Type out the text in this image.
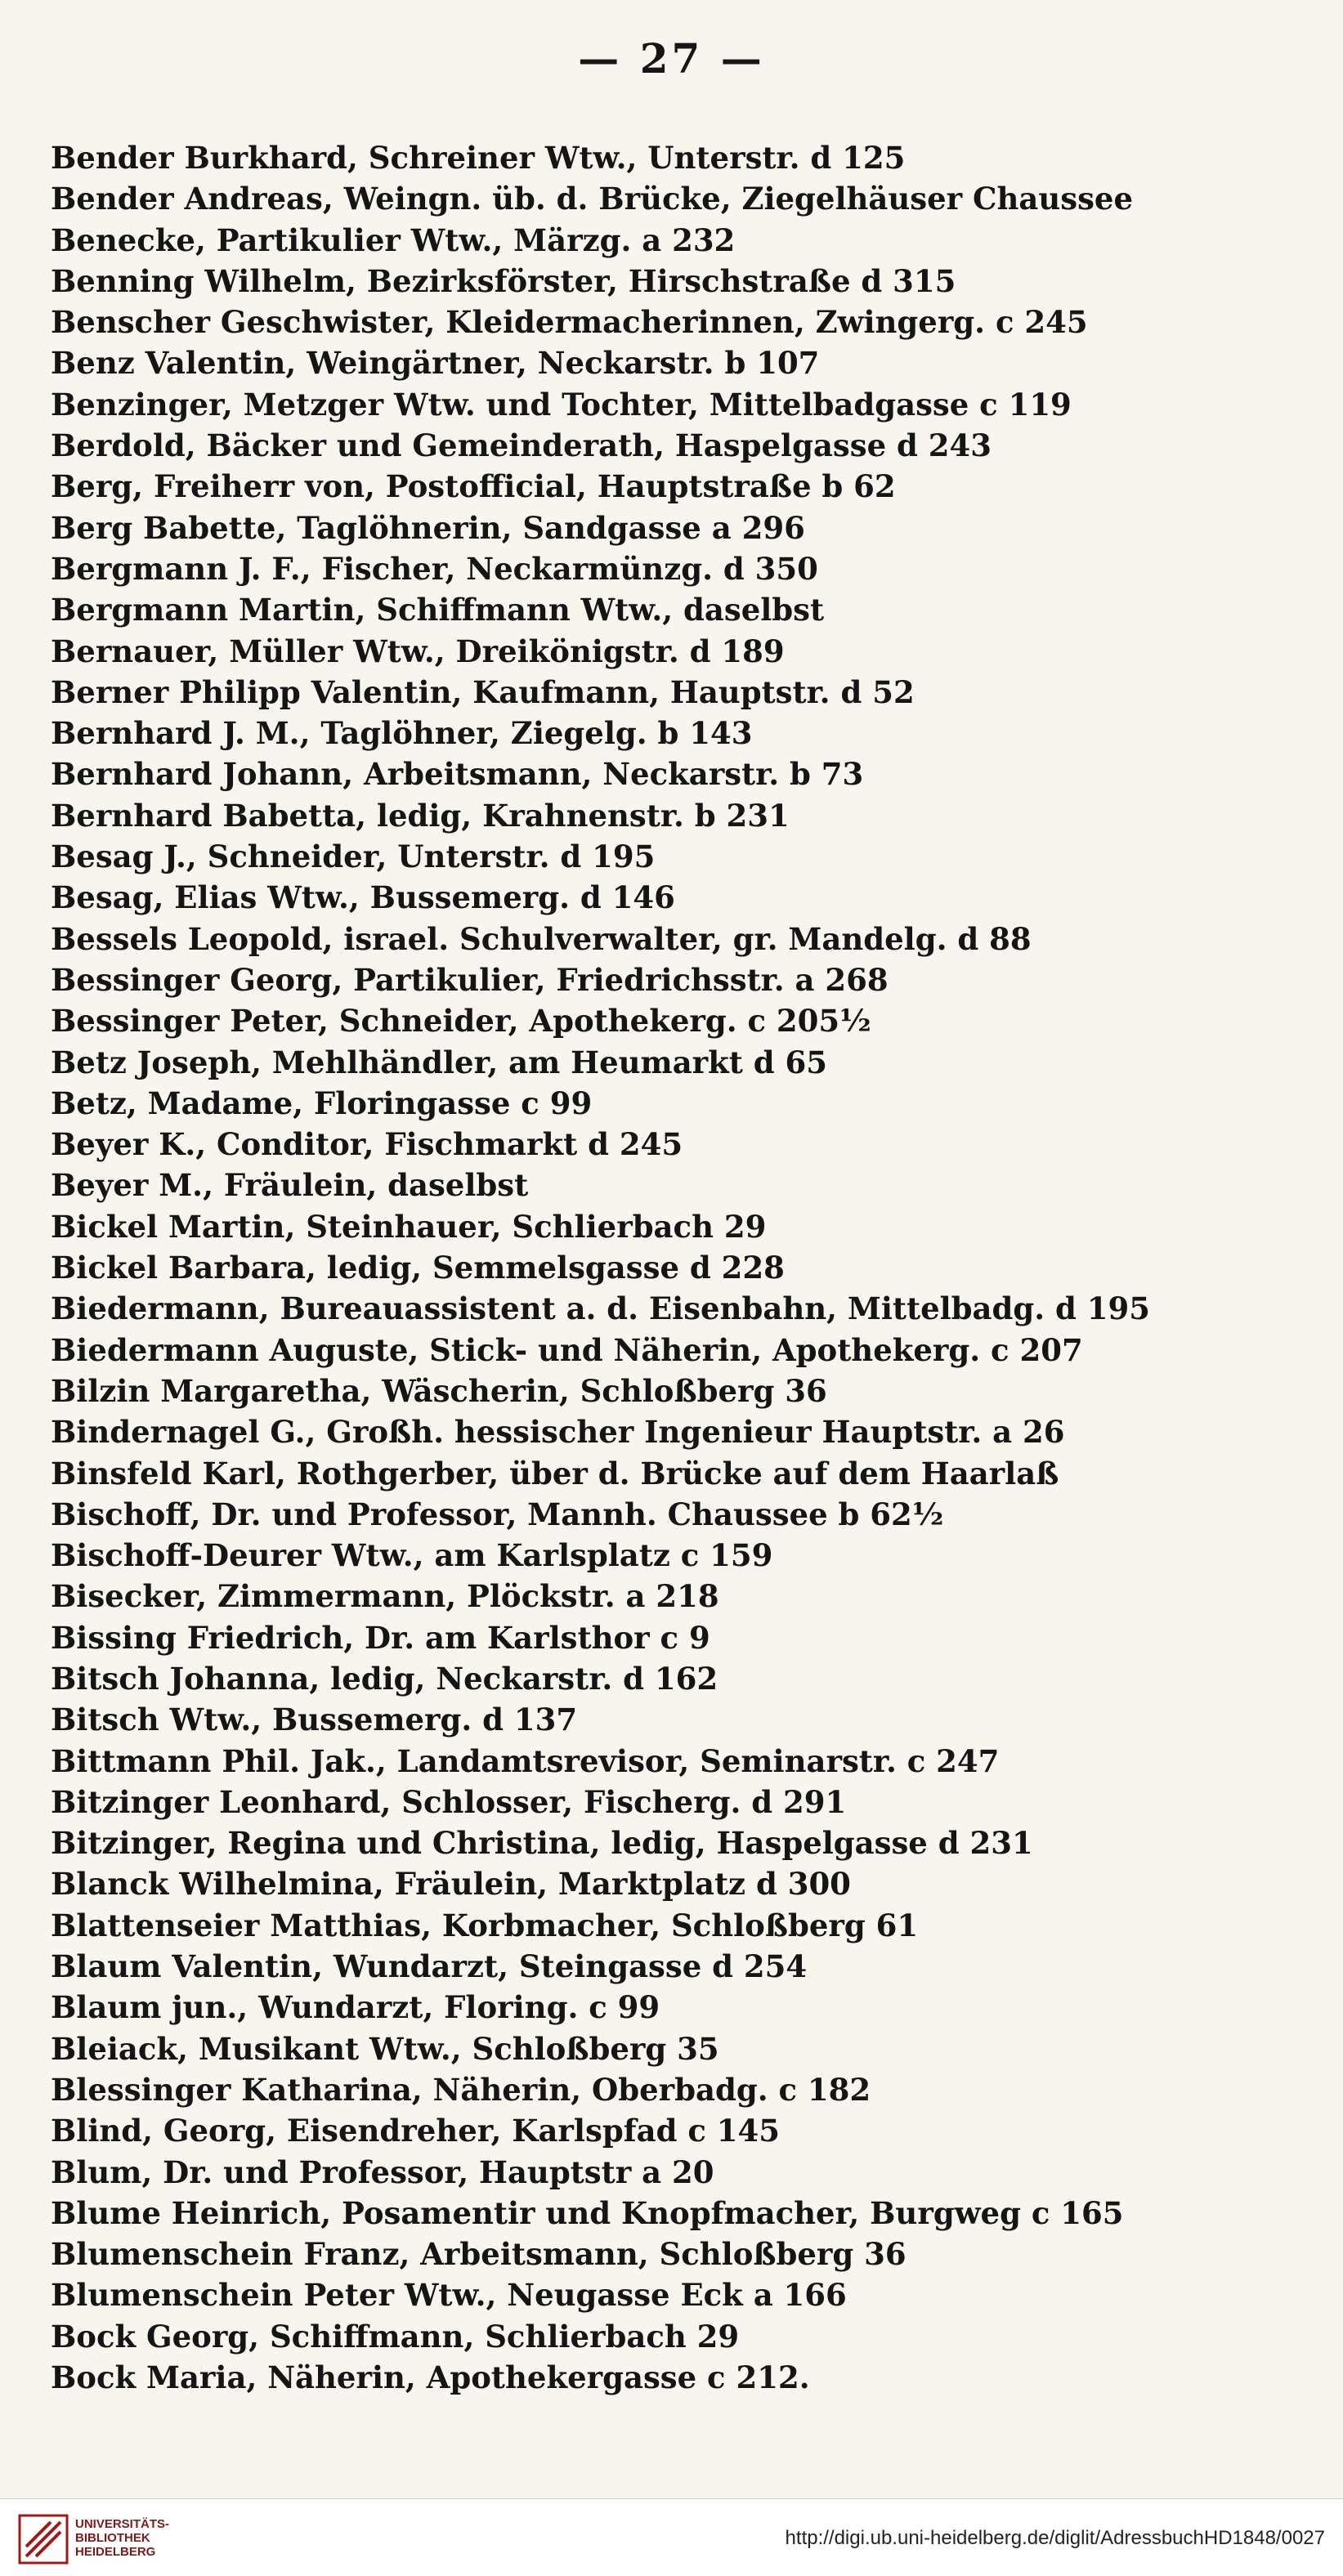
— 27 —
Bender Burkhard, Schreiner Wtw., Unterstr. d 125
Bender Andreas, Weingn. üb. d. Brücke, Ziegelhäuser Chaussee
Benecke, Partikulier Wtw., Märzg. a 232
Benning Wilhelm, Bezirksförster, Hirschstraße d 315
Benscher Geschwister, Kleidermacherinnen, Zwingerg. c 245
Benz Valentin, Weingärtner, Neckarstr. b 107
Benzinger, Metzger Wtw. und Tochter, Mittelbadgasse c 119
Berdold, Bäcker und Gemeinderath, Haspelgasse d 243
Berg, Freiherr von, Postofficial, Hauptstraße b 62
Berg Babette, Taglöhnerin, Sandgasse a 296
Bergmann J. F., Fischer, Neckarmünzg. d 350
Bergmann Martin, Schiffmann Wtw., daselbst
Bernauer, Müller Wtw., Dreikönigstr. d 189
Berner Philipp Valentin, Kaufmann, Hauptstr. d 52
Bernhard J. M., Taglöhner, Ziegelg. b 143
Bernhard Johann, Arbeitsmann, Neckarstr. b 73
Bernhard Babetta, ledig, Krahnenstr. b 231
Besag J., Schneider, Unterstr. d 195
Besag, Elias Wtw., Bussemerg. d 146
Bessels Leopold, israel. Schulverwalter, gr. Mandelg. d 88
Bessinger Georg, Partikulier, Friedrichsstr. a 268
Bessinger Peter, Schneider, Apothekerg. c 205½
Betz Joseph, Mehlhändler, am Heumarkt d 65
Betz, Madame, Floringasse c 99
Beyer K., Conditor, Fischmarkt d 245
Beyer M., Fräulein, daselbst
Bickel Martin, Steinhauer, Schlierbach 29
Bickel Barbara, ledig, Semmelsgasse d 228
Biedermann, Bureauassistent a. d. Eisenbahn, Mittelbadg. d 195
Biedermann Auguste, Stick- und Näherin, Apothekerg. c 207
Bilzin Margaretha, Wäscherin, Schloßberg 36
Bindernagel G., Großh. hessischer Ingenieur Hauptstr. a 26
Binsfeld Karl, Rothgerber, über d. Brücke auf dem Haarlaß
Bischoff, Dr. und Professor, Mannh. Chaussee b 62½
Bischoff-Deurer Wtw., am Karlsplatz c 159
Bisecker, Zimmermann, Plöckstr. a 218
Bissing Friedrich, Dr. am Karlsthor c 9
Bitsch Johanna, ledig, Neckarstr. d 162
Bitsch Wtw., Bussemerg. d 137
Bittmann Phil. Jak., Landamtsrevisor, Seminarstr. c 247
Bitzinger Leonhard, Schlosser, Fischerg. d 291
Bitzinger, Regina und Christina, ledig, Haspelgasse d 231
Blanck Wilhelmina, Fräulein, Marktplatz d 300
Blattenseier Matthias, Korbmacher, Schloßberg 61
Blaum Valentin, Wundarzt, Steingasse d 254
Blaum jun., Wundarzt, Floring. c 99
Bleiack, Musikant Wtw., Schloßberg 35
Blessinger Katharina, Näherin, Oberbadg. c 182
Blind, Georg, Eisendreher, Karlspfad c 145
Blum, Dr. und Professor, Hauptstr a 20
Blume Heinrich, Posamentir und Knopfmacher, Burgweg c 165
Blumenschein Franz, Arbeitsmann, Schloßberg 36
Blumenschein Peter Wtw., Neugasse Eck a 166
Bock Georg, Schiffmann, Schlierbach 29
Bock Maria, Näherin, Apothekergasse c 212.
UNIVERSITÄTS-
BIBLIOTHEK
HEIDELBERG
http://digi.ub.uni-heidelberg.de/diglit/AdressbuchHD1848/0027
